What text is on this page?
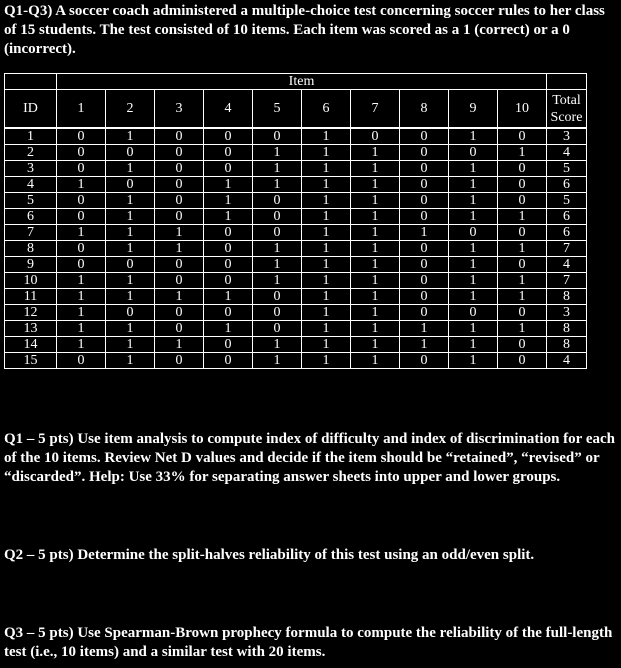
Q1-Q3) A soccer coach administered a multiple-choice test concerning soccer rules to her class of 15 students. The test consisted of 10 items. Each item was scored as a 1 (correct) or a 0 (incorrect).
	Item										
ID	1	2	3	4	5	6	7	8	9	10	Total
Score
1	0	1	0	0	0	1	0	0	1	0	3
2	0	0	0	0	1	1	1	0	0	1	4
3	0	1	0	0	1	1	1	0	1	0	5
4	1	0	0	1	1	1	1	0	1	0	6
5	0	1	0	1	0	1	1	0	1	0	5
6	0	1	0	1	0	1	1	0	1	1	6
7	1	1	1	0	0	1	1	1	0	0	6
8	0	1	1	0	1	1	1	0	1	1	7
9	0	0	0	0	1	1	1	0	1	0	4
10	1	1	0	0	1	1	1	0	1	1	7
11	1	1	1	1	0	1	1	0	1	1	8
12	1	0	0	0	0	1	1	0	0	0	3
13	1	1	0	1	0	1	1	1	1	1	8
14	1	1	1	0	1	1	1	1	1	0	8
15	0	1	0	0	1	1	1	0	1	0	4
Q1 – 5 pts) Use item analysis to compute index of difficulty and index of discrimination for each of the 10 items. Review Net D values and decide if the item should be “retained”, “revised” or “discarded”. Help: Use 33% for separating answer sheets into upper and lower groups.
Q2 – 5 pts) Determine the split-halves reliability of this test using an odd/even split.
Q3 – 5 pts) Use Spearman-Brown prophecy formula to compute the reliability of the full-length test (i.e., 10 items) and a similar test with 20 items.
